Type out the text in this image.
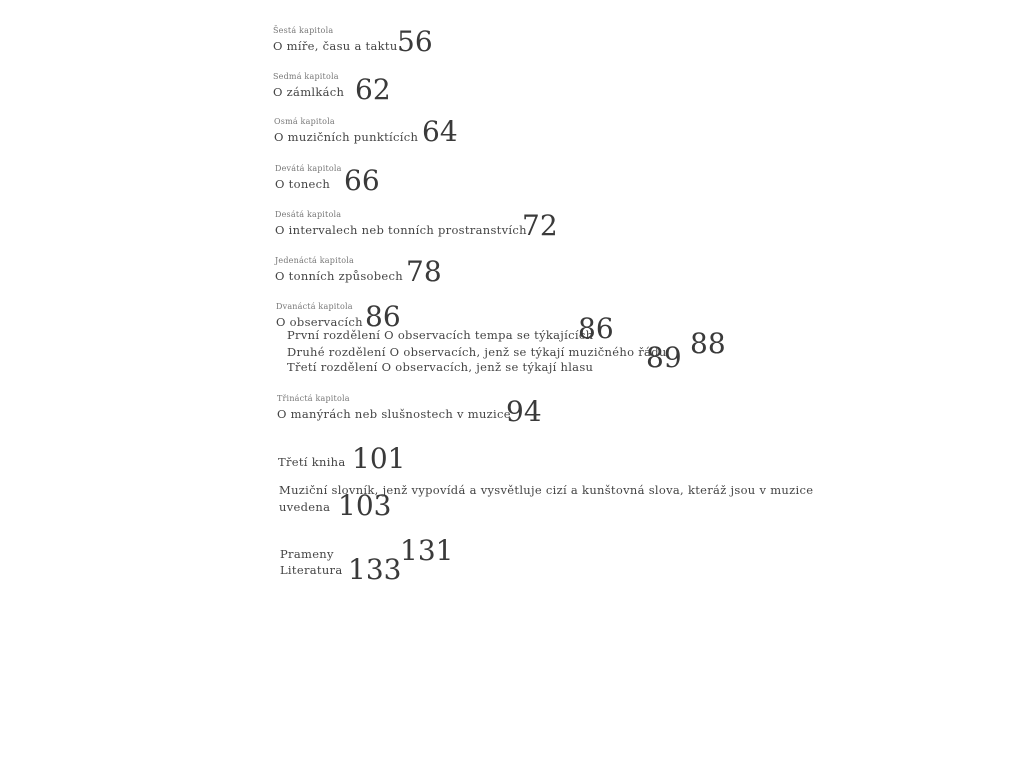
Šestá kapitola
O míře, času a taktu 56
Sedmá kapitola
O zámlkách 62
Osmá kapitola
O muzičních punktících 64
Devátá kapitola
O tonech 66
Desátá kapitola
O intervalech neb tonních prostranstvích
72
Jedenáctá kapitola
O tonních způsobech 78
Dvanáctá kapitola
O observacích 86
První rozdělení O observacích tempa se týkajících
86
Druhé rozdělení O observacích, jenž se týkají muzičného řádu 88
Třetí rozdělení O observacích, jenž se týkají hlasu 89
Třináctá kapitola
O manýrách neb slušnostech v muzice
94
Třetí kniha 101
Muziční slovník, jenž vypovídá a vysvětluje cizí a kunštovná slova, kteráž jsou v muzice
uvedena 103
Prameny 131
Literatura 133
